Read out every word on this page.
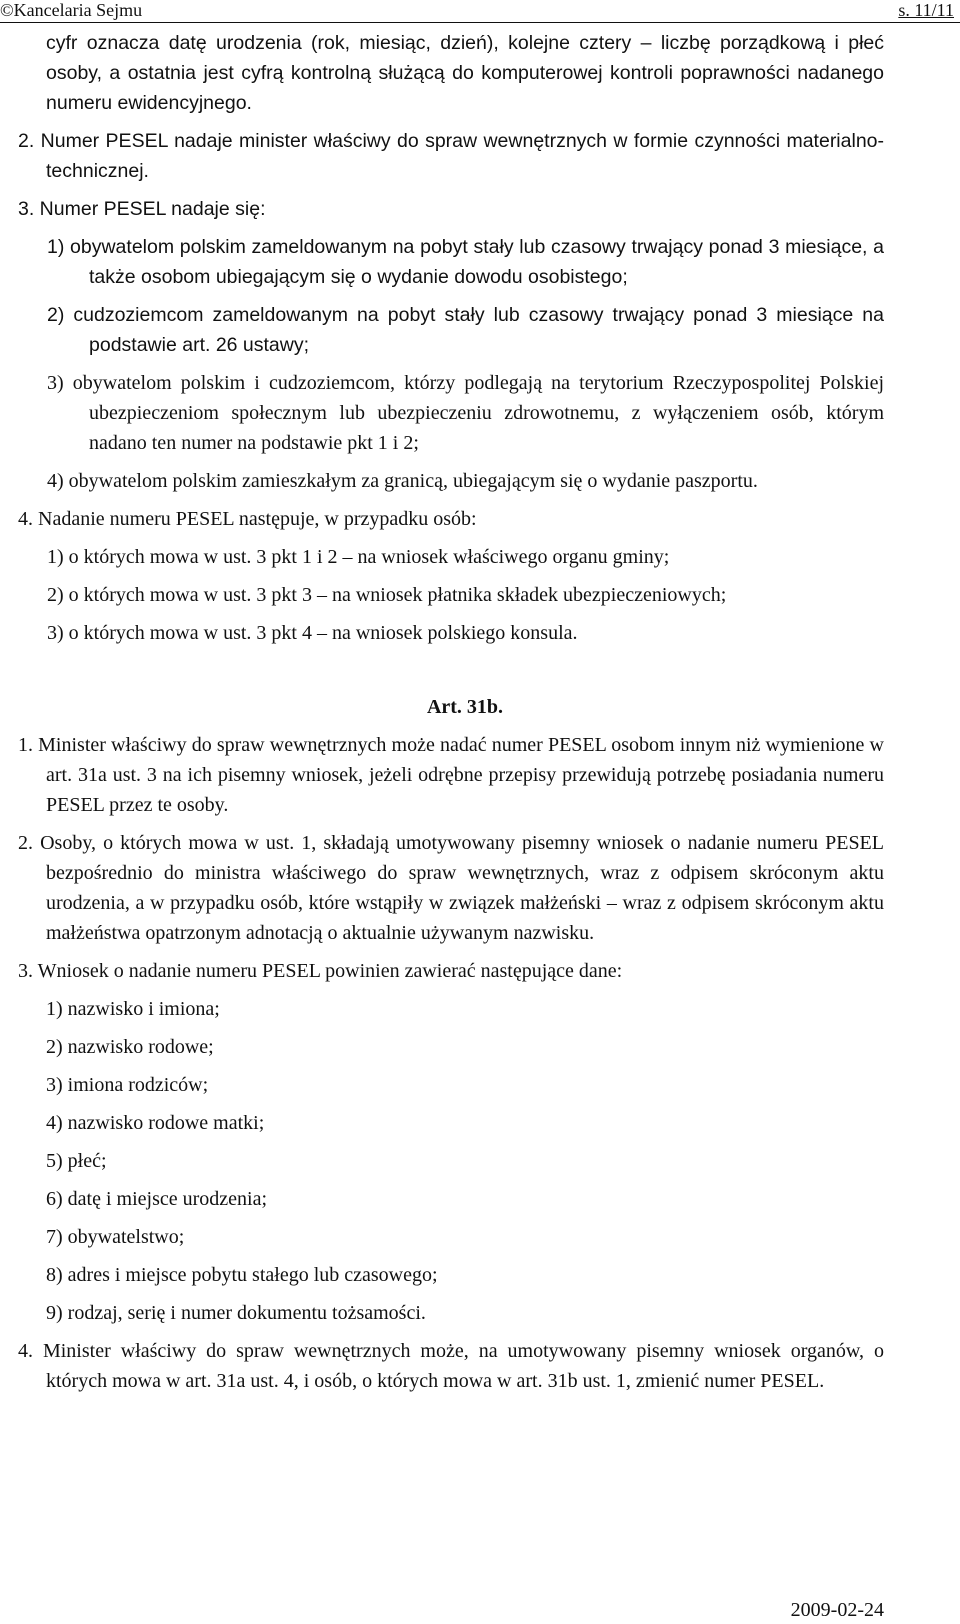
©Kancelaria Sejmu	s. 11/11

cyfr oznacza datę urodzenia (rok, miesiąc, dzień), kolejne cztery – liczbę porządkową i płeć osoby, a ostatnia jest cyfrą kontrolną służącą do komputerowej kontroli poprawności nadanego numeru ewidencyjnego.

2. Numer PESEL nadaje minister właściwy do spraw wewnętrznych w formie czynności materialno-technicznej.

3. Numer PESEL nadaje się:

1) obywatelom polskim zameldowanym na pobyt stały lub czasowy trwający ponad 3 miesiące, a także osobom ubiegającym się o wydanie dowodu osobistego;

2) cudzoziemcom zameldowanym na pobyt stały lub czasowy trwający ponad 3 miesiące na podstawie art. 26 ustawy;

3) obywatelom polskim i cudzoziemcom, którzy podlegają na terytorium Rzeczypospolitej Polskiej ubezpieczeniom społecznym lub ubezpieczeniu zdrowotnemu, z wyłączeniem osób, którym nadano ten numer na podstawie pkt 1 i 2;

4) obywatelom polskim zamieszkałym za granicą, ubiegającym się o wydanie paszportu.

4. Nadanie numeru PESEL następuje, w przypadku osób:

1) o których mowa w ust. 3 pkt 1 i 2 – na wniosek właściwego organu gminy;

2) o których mowa w ust. 3 pkt 3 – na wniosek płatnika składek ubezpieczeniowych;

3) o których mowa w ust. 3 pkt 4 – na wniosek polskiego konsula.

Art. 31b.

1. Minister właściwy do spraw wewnętrznych może nadać numer PESEL osobom innym niż wymienione w art. 31a ust. 3 na ich pisemny wniosek, jeżeli odrębne przepisy przewidują potrzebę posiadania numeru PESEL przez te osoby.

2. Osoby, o których mowa w ust. 1, składają umotywowany pisemny wniosek o nadanie numeru PESEL bezpośrednio do ministra właściwego do spraw wewnętrznych, wraz z odpisem skróconym aktu urodzenia, a w przypadku osób, które wstąpiły w związek małżeński – wraz z odpisem skróconym aktu małżeństwa opatrzonym adnotacją o aktualnie używanym nazwisku.

3. Wniosek o nadanie numeru PESEL powinien zawierać następujące dane:

1) nazwisko i imiona;

2) nazwisko rodowe;

3) imiona rodziców;

4) nazwisko rodowe matki;

5) płeć;

6) datę i miejsce urodzenia;

7) obywatelstwo;

8) adres i miejsce pobytu stałego lub czasowego;

9) rodzaj, serię i numer dokumentu tożsamości.

4. Minister właściwy do spraw wewnętrznych może, na umotywowany pisemny wniosek organów, o których mowa w art. 31a ust. 4, i osób, o których mowa w art. 31b ust. 1, zmienić numer PESEL.

2009-02-24
